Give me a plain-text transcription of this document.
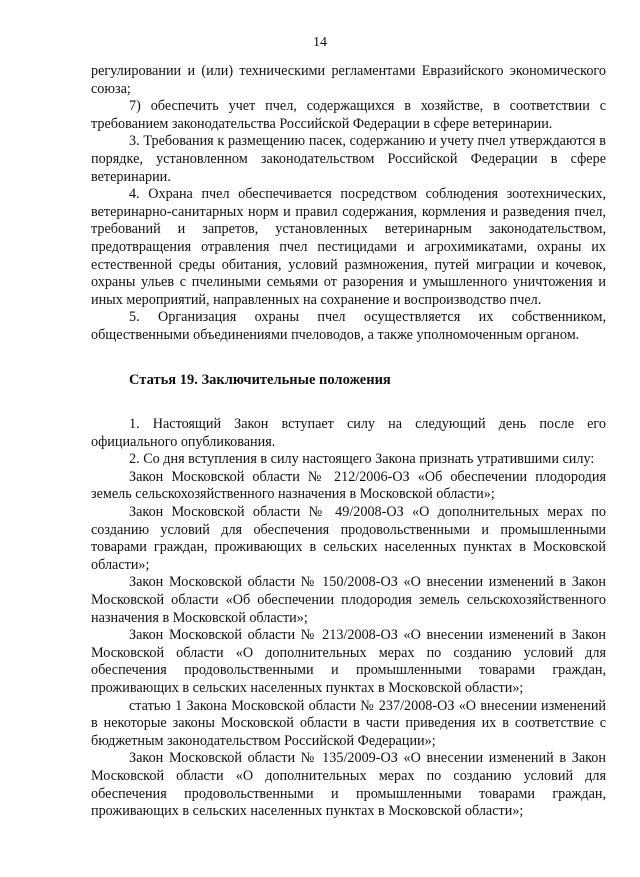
14

регулировании и (или) техническими регламентами Евразийского экономического союза;

7) обеспечить учет пчел, содержащихся в хозяйстве, в соответствии с требованием законодательства Российской Федерации в сфере ветеринарии.

3. Требования к размещению пасек, содержанию и учету пчел утверждаются в порядке, установленном законодательством Российской Федерации в сфере ветеринарии.

4. Охрана пчел обеспечивается посредством соблюдения зоотехнических, ветеринарно-санитарных норм и правил содержания, кормления и разведения пчел, требований и запретов, установленных ветеринарным законодательством, предотвращения отравления пчел пестицидами и агрохимикатами, охраны их естественной среды обитания, условий размножения, путей миграции и кочевок, охраны ульев с пчелиными семьями от разорения и умышленного уничтожения и иных мероприятий, направленных на сохранение и воспроизводство пчел.

5. Организация охраны пчел осуществляется их собственником, общественными объединениями пчеловодов, а также уполномоченным органом.

Статья 19. Заключительные положения

1. Настоящий Закон вступает силу на следующий день после его официального опубликования.

2. Со дня вступления в силу настоящего Закона признать утратившими силу:

Закон Московской области № 212/2006-ОЗ «Об обеспечении плодородия земель сельскохозяйственного назначения в Московской области»;

Закон Московской области № 49/2008-ОЗ «О дополнительных мерах по созданию условий для обеспечения продовольственными и промышленными товарами граждан, проживающих в сельских населенных пунктах в Московской области»;

Закон Московской области № 150/2008-ОЗ «О внесении изменений в Закон Московской области «Об обеспечении плодородия земель сельскохозяйственного назначения в Московской области»;

Закон Московской области № 213/2008-ОЗ «О внесении изменений в Закон Московской области «О дополнительных мерах по созданию условий для обеспечения продовольственными и промышленными товарами граждан, проживающих в сельских населенных пунктах в Московской области»;

статью 1 Закона Московской области № 237/2008-ОЗ «О внесении изменений в некоторые законы Московской области в части приведения их в соответствие с бюджетным законодательством Российской Федерации»;

Закон Московской области № 135/2009-ОЗ «О внесении изменений в Закон Московской области «О дополнительных мерах по созданию условий для обеспечения продовольственными и промышленными товарами граждан, проживающих в сельских населенных пунктах в Московской области»;
